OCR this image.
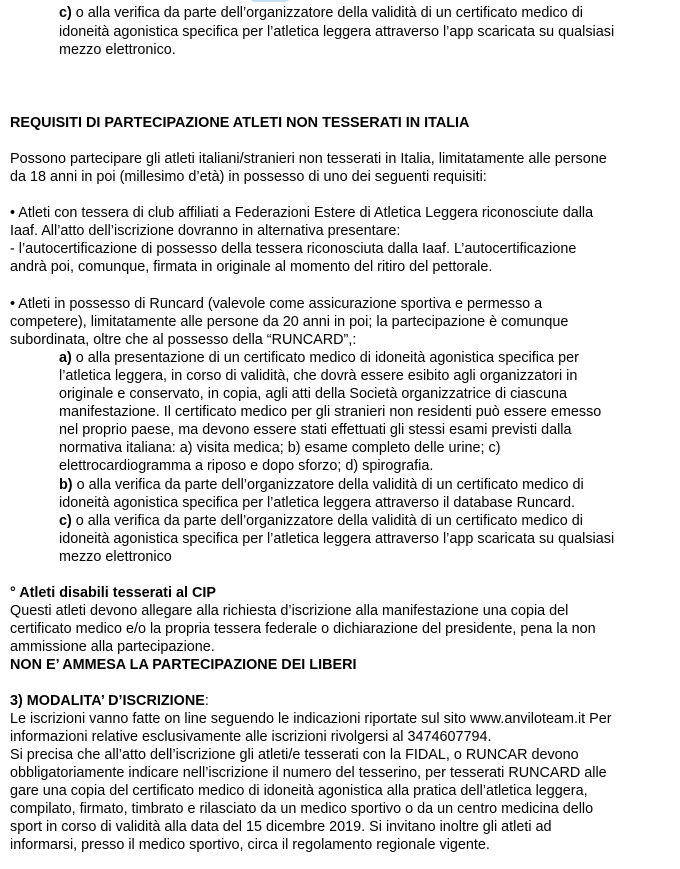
c) o alla verifica da parte dell’organizzatore della validità di un certificato medico di
idoneità agonistica specifica per l’atletica leggera attraverso l’app scaricata su qualsiasi
mezzo elettronico.
REQUISITI DI PARTECIPAZIONE ATLETI NON TESSERATI IN ITALIA
Possono partecipare gli atleti italiani/stranieri non tesserati in Italia, limitatamente alle persone
da 18 anni in poi (millesimo d’età) in possesso di uno dei seguenti requisiti:
• Atleti con tessera di club affiliati a Federazioni Estere di Atletica Leggera riconosciute dalla
Iaaf. All’atto dell’iscrizione dovranno in alternativa presentare:
- l’autocertificazione di possesso della tessera riconosciuta dalla Iaaf. L’autocertificazione
andrà poi, comunque, firmata in originale al momento del ritiro del pettorale.
• Atleti in possesso di Runcard (valevole come assicurazione sportiva e permesso a
competere), limitatamente alle persone da 20 anni in poi; la partecipazione è comunque
subordinata, oltre che al possesso della “RUNCARD”,:
a) o alla presentazione di un certificato medico di idoneità agonistica specifica per
l’atletica leggera, in corso di validità, che dovrà essere esibito agli organizzatori in
originale e conservato, in copia, agli atti della Società organizzatrice di ciascuna
manifestazione. Il certificato medico per gli stranieri non residenti può essere emesso
nel proprio paese, ma devono essere stati effettuati gli stessi esami previsti dalla
normativa italiana: a) visita medica; b) esame completo delle urine; c)
elettrocardiogramma a riposo e dopo sforzo; d) spirografia.
b) o alla verifica da parte dell’organizzatore della validità di un certificato medico di
idoneità agonistica specifica per l’atletica leggera attraverso il database Runcard.
c) o alla verifica da parte dell’organizzatore della validità di un certificato medico di
idoneità agonistica specifica per l’atletica leggera attraverso l’app scaricata su qualsiasi
mezzo elettronico
° Atleti disabili tesserati al CIP
Questi atleti devono allegare alla richiesta d’iscrizione alla manifestazione una copia del
certificato medico e/o la propria tessera federale o dichiarazione del presidente, pena la non
ammissione alla partecipazione.
NON E’ AMMESA LA PARTECIPAZIONE DEI LIBERI
3) MODALITA’ D’ISCRIZIONE:
Le iscrizioni vanno fatte on line seguendo le indicazioni riportate sul sito www.anviloteam.it Per
informazioni relative esclusivamente alle iscrizioni rivolgersi al 3474607794.
Si precisa che all’atto dell’iscrizione gli atleti/e tesserati con la FIDAL, o RUNCAR devono
obbligatoriamente indicare nell’iscrizione il numero del tesserino, per tesserati RUNCARD alle
gare una copia del certificato medico di idoneità agonistica alla pratica dell’atletica leggera,
compilato, firmato, timbrato e rilasciato da un medico sportivo o da un centro medicina dello
sport in corso di validità alla data del 15 dicembre 2019. Si invitano inoltre gli atleti ad
informarsi, presso il medico sportivo, circa il regolamento regionale vigente.
